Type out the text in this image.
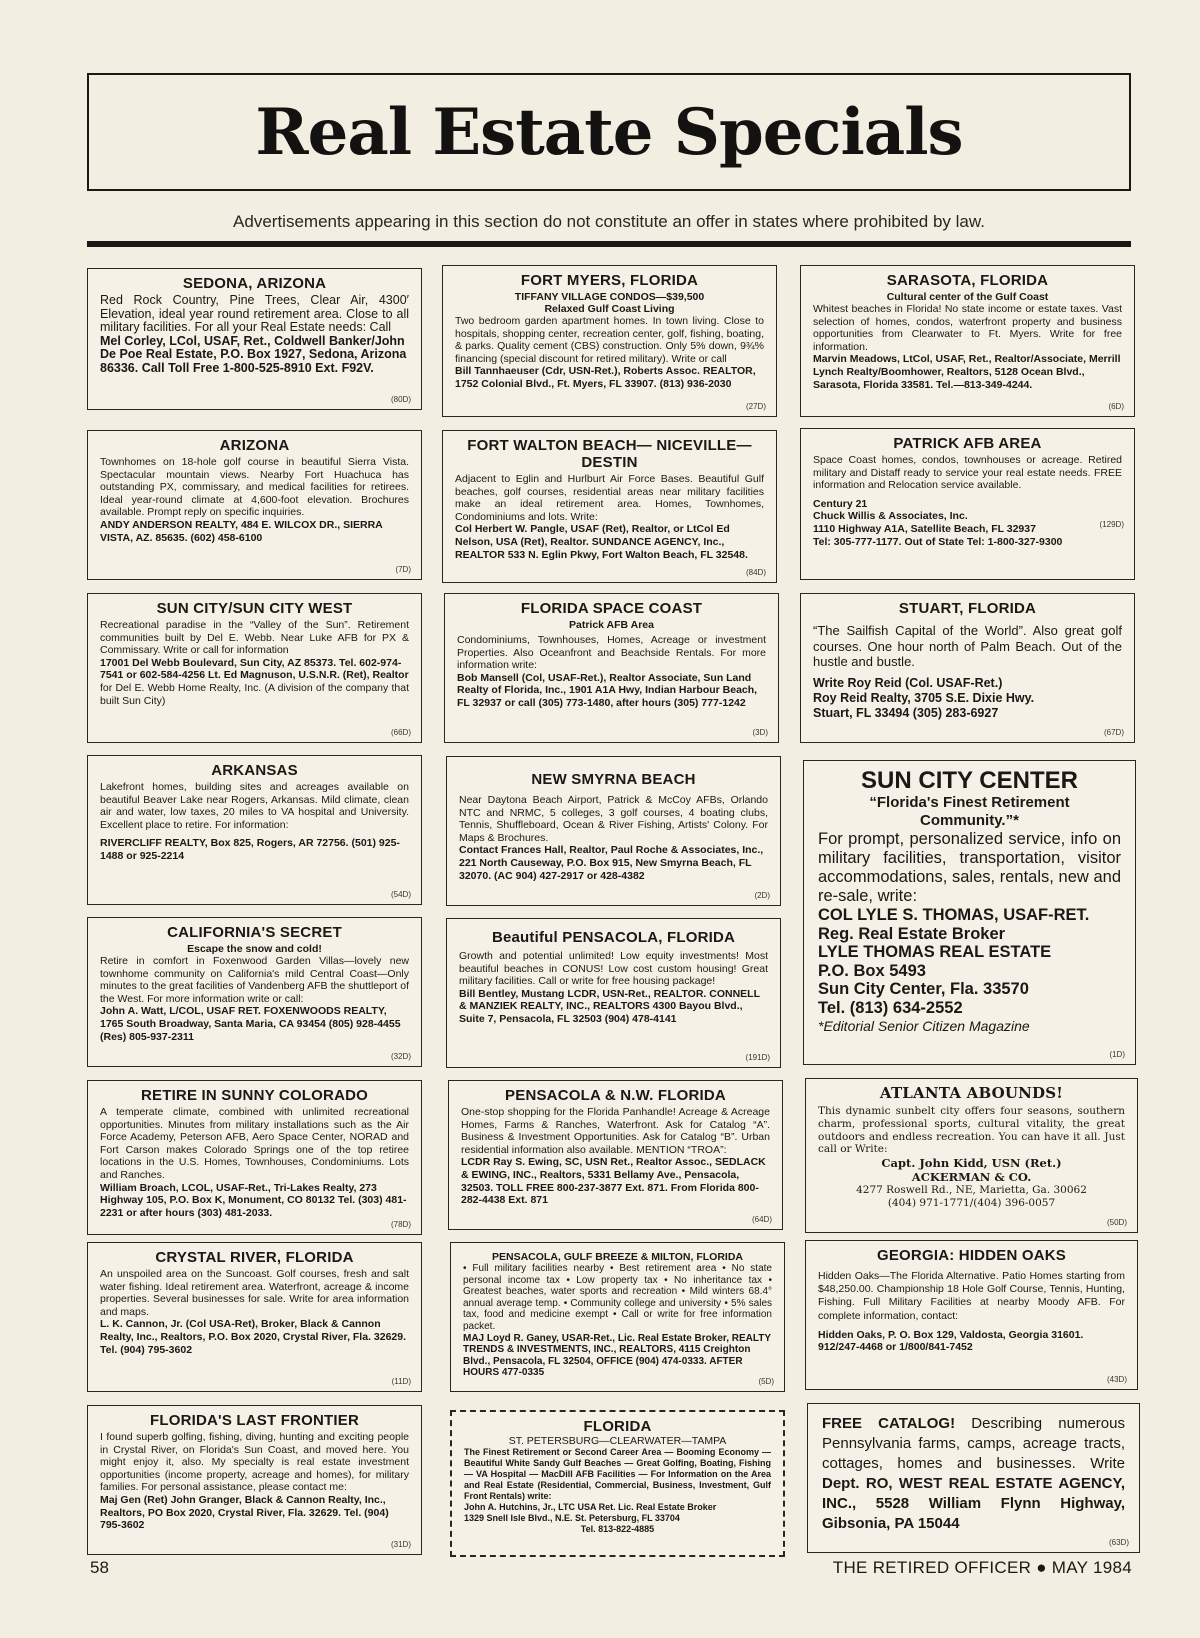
Real Estate Specials
Advertisements appearing in this section do not constitute an offer in states where prohibited by law.
SEDONA, ARIZONA
Red Rock Country, Pine Trees, Clear Air, 4300′ Elevation, ideal year round retirement area. Close to all military facilities. For all your Real Estate needs: Call
Mel Corley, LCol, USAF, Ret., Coldwell Banker/John De Poe Real Estate, P.O. Box 1927, Sedona, Arizona 86336. Call Toll Free 1-800-525-8910 Ext. F92V.
(80D)
ARIZONA
Townhomes on 18-hole golf course in beautiful Sierra Vista. Spectacular mountain views. Nearby Fort Huachuca has outstanding PX, commissary, and medical facilities for retirees. Ideal year-round climate at 4,600-foot elevation. Brochures available. Prompt reply on specific inquiries.
ANDY ANDERSON REALTY, 484 E. WILCOX DR., SIERRA VISTA, AZ. 85635. (602) 458-6100
(7D)
SUN CITY/SUN CITY WEST
Recreational paradise in the “Valley of the Sun”. Retirement communities built by Del E. Webb. Near Luke AFB for PX & Commissary. Write or call for information
17001 Del Webb Boulevard, Sun City, AZ 85373. Tel. 602-974-7541 or 602-584-4256 Lt. Ed Magnuson, U.S.N.R. (Ret), Realtor
for Del E. Webb Home Realty, Inc. (A division of the company that built Sun City)
(66D)
ARKANSAS
Lakefront homes, building sites and acreages available on beautiful Beaver Lake near Rogers, Arkansas. Mild climate, clean air and water, low taxes, 20 miles to VA hospital and University. Excellent place to retire. For information:
RIVERCLIFF REALTY, Box 825, Rogers, AR 72756. (501) 925-1488 or 925-2214
(54D)
CALIFORNIA'S SECRET
Escape the snow and cold!
Retire in comfort in Foxenwood Garden Villas—lovely new townhome community on California's mild Central Coast—Only minutes to the great facilities of Vandenberg AFB the shuttleport of the West. For more information write or call:
John A. Watt, L/COL, USAF RET. FOXENWOODS REALTY, 1765 South Broadway, Santa Maria, CA 93454 (805) 928-4455 (Res) 805-937-2311
(32D)
RETIRE IN SUNNY COLORADO
A temperate climate, combined with unlimited recreational opportunities. Minutes from military installations such as the Air Force Academy, Peterson AFB, Aero Space Center, NORAD and Fort Carson makes Colorado Springs one of the top retiree locations in the U.S. Homes, Townhouses, Condominiums. Lots and Ranches.
William Broach, LCOL, USAF-Ret., Tri-Lakes Realty, 273 Highway 105, P.O. Box K, Monument, CO 80132 Tel. (303) 481-2231 or after hours (303) 481-2033.
(78D)
CRYSTAL RIVER, FLORIDA
An unspoiled area on the Suncoast. Golf courses, fresh and salt water fishing. Ideal retirement area. Waterfront, acreage & income properties. Several businesses for sale. Write for area information and maps.
L. K. Cannon, Jr. (Col USA-Ret), Broker, Black & Cannon Realty, Inc., Realtors, P.O. Box 2020, Crystal River, Fla. 32629. Tel. (904) 795-3602
(11D)
FLORIDA'S LAST FRONTIER
I found superb golfing, fishing, diving, hunting and exciting people in Crystal River, on Florida's Sun Coast, and moved here. You might enjoy it, also. My specialty is real estate investment opportunities (income property, acreage and homes), for military families. For personal assistance, please contact me:
Maj Gen (Ret) John Granger, Black & Cannon Realty, Inc., Realtors, PO Box 2020, Crystal River, Fla. 32629. Tel. (904) 795-3602
(31D)
FORT MYERS, FLORIDA
TIFFANY VILLAGE CONDOS—$39,500
Relaxed Gulf Coast Living
Two bedroom garden apartment homes. In town living. Close to hospitals, shopping center, recreation center, golf, fishing, boating, & parks. Quality cement (CBS) construction. Only 5% down, 9¾% financing (special discount for retired military). Write or call
Bill Tannhaeuser (Cdr, USN-Ret.), Roberts Assoc. REALTOR, 1752 Colonial Blvd., Ft. Myers, FL 33907. (813) 936-2030
(27D)
FORT WALTON BEACH— NICEVILLE—DESTIN
Adjacent to Eglin and Hurlburt Air Force Bases. Beautiful Gulf beaches, golf courses, residential areas near military facilities make an ideal retirement area. Homes, Townhomes, Condominiums and lots. Write:
Col Herbert W. Pangle, USAF (Ret), Realtor, or LtCol Ed Nelson, USA (Ret), Realtor. SUNDANCE AGENCY, Inc., REALTOR 533 N. Eglin Pkwy, Fort Walton Beach, FL 32548.
(84D)
FLORIDA SPACE COAST
Patrick AFB Area
Condominiums, Townhouses, Homes, Acreage or investment Properties. Also Oceanfront and Beachside Rentals. For more information write:
Bob Mansell (Col, USAF-Ret.), Realtor Associate, Sun Land Realty of Florida, Inc., 1901 A1A Hwy, Indian Harbour Beach, FL 32937 or call (305) 773-1480, after hours (305) 777-1242
(3D)
NEW SMYRNA BEACH
Near Daytona Beach Airport, Patrick & McCoy AFBs, Orlando NTC and NRMC, 5 colleges, 3 golf courses, 4 boating clubs, Tennis, Shuffleboard, Ocean & River Fishing, Artists' Colony. For Maps & Brochures.
Contact Frances Hall, Realtor, Paul Roche & Associates, Inc., 221 North Causeway, P.O. Box 915, New Smyrna Beach, FL 32070. (AC 904) 427-2917 or 428-4382
(2D)
Beautiful PENSACOLA, FLORIDA
Growth and potential unlimited! Low equity investments! Most beautiful beaches in CONUS! Low cost custom housing! Great military facilities. Call or write for free housing package!
Bill Bentley, Mustang LCDR, USN-Ret., REALTOR. CONNELL & MANZIEK REALTY, INC., REALTORS 4300 Bayou Blvd., Suite 7, Pensacola, FL 32503 (904) 478-4141
(191D)
PENSACOLA & N.W. FLORIDA
One-stop shopping for the Florida Panhandle! Acreage & Acreage Homes, Farms & Ranches, Waterfront. Ask for Catalog “A”. Business & Investment Opportunities. Ask for Catalog “B”. Urban residential information also available. MENTION “TROA”:
LCDR Ray S. Ewing, SC, USN Ret., Realtor Assoc., SEDLACK & EWING, INC., Realtors, 5331 Bellamy Ave., Pensacola, 32503. TOLL FREE 800-237-3877 Ext. 871. From Florida 800-282-4438 Ext. 871
(64D)
PENSACOLA, GULF BREEZE & MILTON, FLORIDA
• Full military facilities nearby • Best retirement area • No state personal income tax • Low property tax • No inheritance tax • Greatest beaches, water sports and recreation • Mild winters 68.4° annual average temp. • Community college and university • 5% sales tax, food and medicine exempt • Call or write for free information packet.
MAJ Loyd R. Ganey, USAR-Ret., Lic. Real Estate Broker, REALTY TRENDS & INVESTMENTS, INC., REALTORS, 4115 Creighton Blvd., Pensacola, FL 32504, OFFICE (904) 474-0333. AFTER HOURS 477-0335
(5D)
FLORIDA
ST. PETERSBURG—CLEARWATER—TAMPA
The Finest Retirement or Second Career Area — Booming Economy — Beautiful White Sandy Gulf Beaches — Great Golfing, Boating, Fishing — VA Hospital — MacDill AFB Facilities — For Information on the Area and Real Estate (Residential, Commercial, Business, Investment, Gulf Front Rentals) write:
John A. Hutchins, Jr., LTC USA Ret. Lic. Real Estate Broker
1329 Snell Isle Blvd., N.E. St. Petersburg, FL 33704
Tel. 813-822-4885
SARASOTA, FLORIDA
Cultural center of the Gulf Coast
Whitest beaches in Florida! No state income or estate taxes. Vast selection of homes, condos, waterfront property and business opportunities from Clearwater to Ft. Myers. Write for free information.
Marvin Meadows, LtCol, USAF, Ret., Realtor/Associate, Merrill Lynch Realty/Boomhower, Realtors, 5128 Ocean Blvd., Sarasota, Florida 33581. Tel.—813-349-4244.
(6D)
PATRICK AFB AREA
Space Coast homes, condos, townhouses or acreage. Retired military and Distaff ready to service your real estate needs. FREE information and Relocation service available.
Century 21
Chuck Willis & Associates, Inc.
1110 Highway A1A, Satellite Beach, FL 32937
Tel: 305-777-1177. Out of State Tel: 1-800-327-9300
(129D)
STUART, FLORIDA
“The Sailfish Capital of the World”. Also great golf courses. One hour north of Palm Beach. Out of the hustle and bustle.
Write Roy Reid (Col. USAF-Ret.)
Roy Reid Realty, 3705 S.E. Dixie Hwy.
Stuart, FL 33494 (305) 283-6927
(67D)
SUN CITY CENTER
“Florida's Finest Retirement Community.”*
For prompt, personalized service, info on military facilities, transportation, visitor accommodations, sales, rentals, new and re-sale, write:
COL LYLE S. THOMAS, USAF-RET.
Reg. Real Estate Broker
LYLE THOMAS REAL ESTATE
P.O. Box 5493
Sun City Center, Fla. 33570
Tel. (813) 634-2552
*Editorial Senior Citizen Magazine
(1D)
ATLANTA ABOUNDS!
This dynamic sunbelt city offers four seasons, southern charm, professional sports, cultural vitality, the great outdoors and endless recreation. You can have it all. Just call or Write:
Capt. John Kidd, USN (Ret.)
ACKERMAN & CO.
4277 Roswell Rd., NE, Marietta, Ga. 30062
(404) 971-1771/(404) 396-0057
(50D)
GEORGIA: HIDDEN OAKS
Hidden Oaks—The Florida Alternative. Patio Homes starting from $48,250.00. Championship 18 Hole Golf Course, Tennis, Hunting, Fishing. Full Military Facilities at nearby Moody AFB. For complete information, contact:
Hidden Oaks, P. O. Box 129, Valdosta, Georgia 31601. 912/247-4468 or 1/800/841-7452
(43D)
FREE CATALOG! Describing numerous Pennsylvania farms, camps, acreage tracts, cottages, homes and businesses. Write Dept. RO, WEST REAL ESTATE AGENCY, INC., 5528 William Flynn Highway, Gibsonia, PA 15044
(63D)
58	THE RETIRED OFFICER ● MAY 1984
